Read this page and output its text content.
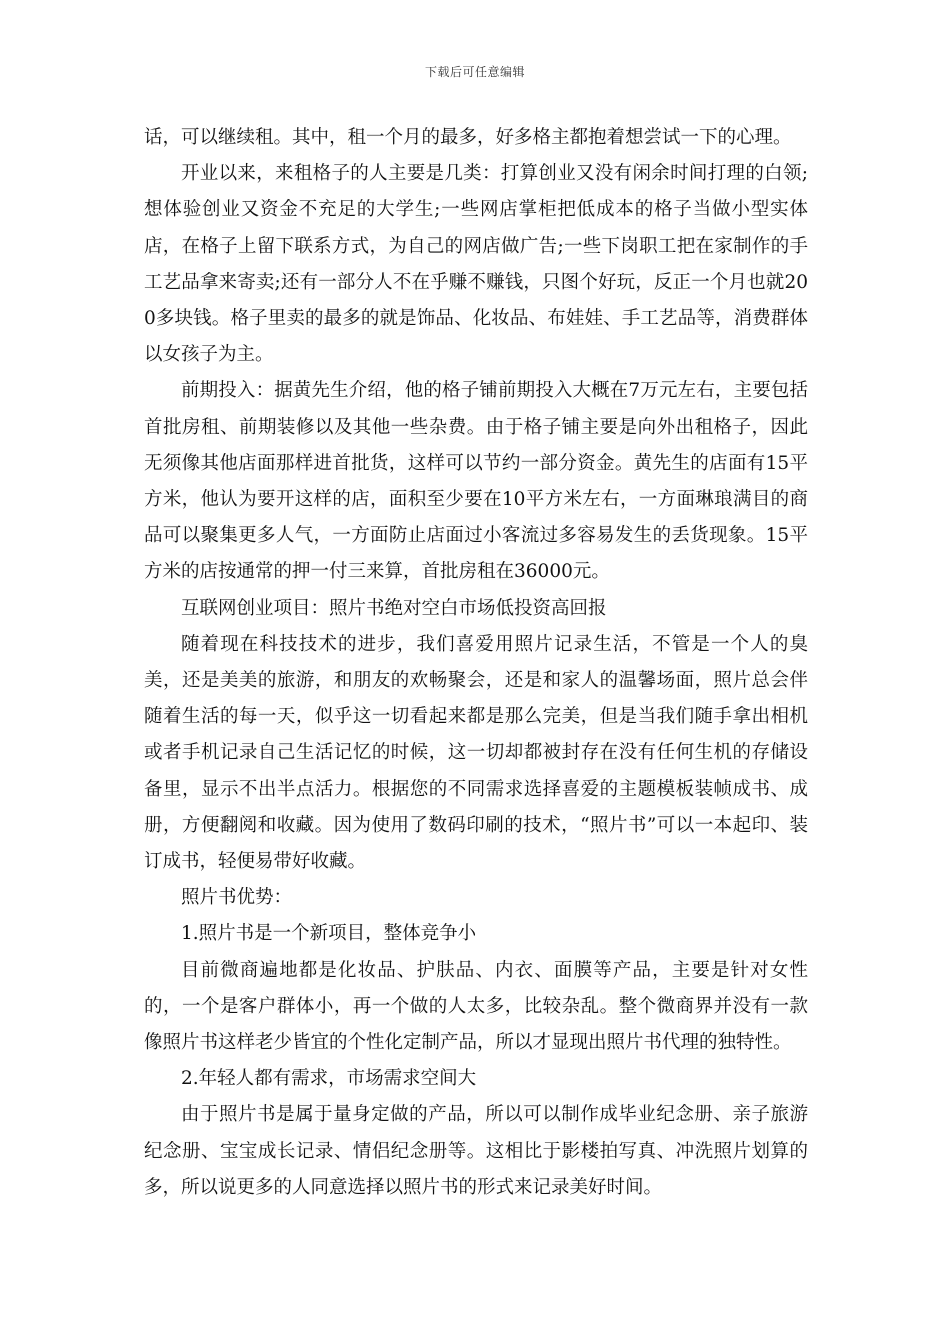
下载后可任意编辑

话，可以继续租。其中，租一个月的最多，好多格主都抱着想尝试一下的心理。

开业以来，来租格子的人主要是几类：打算创业又没有闲余时间打理的白领;想体验创业又资金不充足的大学生;一些网店掌柜把低成本的格子当做小型实体店，在格子上留下联系方式，为自己的网店做广告;一些下岗职工把在家制作的手工艺品拿来寄卖;还有一部分人不在乎赚不赚钱，只图个好玩，反正一个月也就200多块钱。格子里卖的最多的就是饰品、化妆品、布娃娃、手工艺品等，消费群体以女孩子为主。

前期投入：据黄先生介绍，他的格子铺前期投入大概在7万元左右，主要包括首批房租、前期装修以及其他一些杂费。由于格子铺主要是向外出租格子，因此无须像其他店面那样进首批货，这样可以节约一部分资金。黄先生的店面有15平方米，他认为要开这样的店，面积至少要在10平方米左右，一方面琳琅满目的商品可以聚集更多人气，一方面防止店面过小客流过多容易发生的丢货现象。15平方米的店按通常的押一付三来算，首批房租在36000元。

互联网创业项目：照片书绝对空白市场低投资高回报

随着现在科技技术的进步，我们喜爱用照片记录生活，不管是一个人的臭美，还是美美的旅游，和朋友的欢畅聚会，还是和家人的温馨场面，照片总会伴随着生活的每一天，似乎这一切看起来都是那么完美，但是当我们随手拿出相机或者手机记录自己生活记忆的时候，这一切却都被封存在没有任何生机的存储设备里，显示不出半点活力。根据您的不同需求选择喜爱的主题模板装帧成书、成册，方便翻阅和收藏。因为使用了数码印刷的技术，“照片书”可以一本起印、装订成书，轻便易带好收藏。

照片书优势：

1.照片书是一个新项目，整体竞争小

目前微商遍地都是化妆品、护肤品、内衣、面膜等产品，主要是针对女性的，一个是客户群体小，再一个做的人太多，比较杂乱。整个微商界并没有一款像照片书这样老少皆宜的个性化定制产品，所以才显现出照片书代理的独特性。

2.年轻人都有需求，市场需求空间大

由于照片书是属于量身定做的产品，所以可以制作成毕业纪念册、亲子旅游纪念册、宝宝成长记录、情侣纪念册等。这相比于影楼拍写真、冲洗照片划算的多，所以说更多的人同意选择以照片书的形式来记录美好时间。
